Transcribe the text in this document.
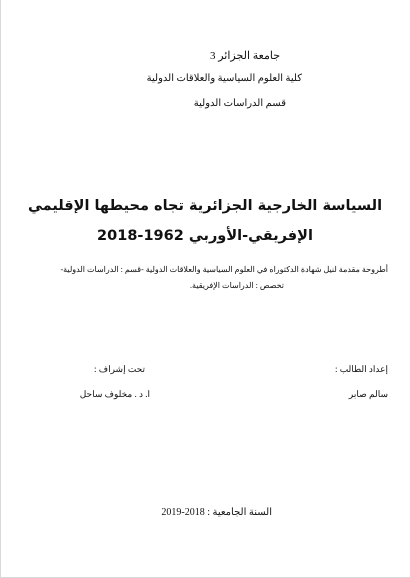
جامعة الجزائر 3
كلية العلوم السياسية والعلاقات الدولية
قسم الدراسات الدولية
السياسة الخارجية الجزائرية تجاه محيطها الإقليمي
الإفريقي-الأوربي 1962-2018
أطروحة مقدمة لنيل شهادة الدكتوراه في العلوم السياسية والعلاقات الدولية -قسم : الدراسات الدولية-
تخصص : الدراسات الإفريقية.
إعداد الطالب :
سالم صابر
تحت إشراف :
ا. د . مخلوف ساحل
السنة الجامعية : 2018-2019
